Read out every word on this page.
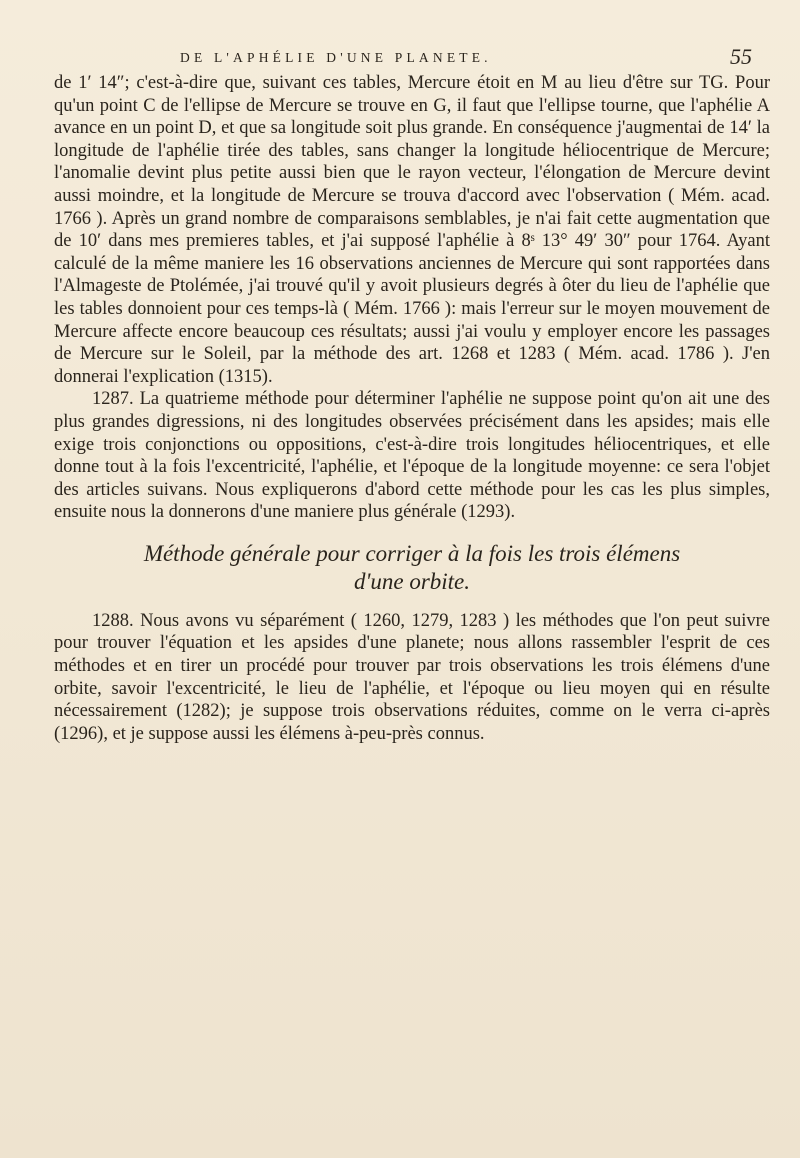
DE L'APHÉLIE D'UNE PLANETE.	55

de 1′ 14″; c'est-à-dire que, suivant ces tables, Mercure étoit en M au lieu d'être sur TG. Pour qu'un point C de l'ellipse de Mercure se trouve en G, il faut que l'ellipse tourne, que l'aphélie A avance en un point D, et que sa longitude soit plus grande. En conséquence j'augmentai de 14′ la longitude de l'aphélie tirée des tables, sans changer la longitude héliocentrique de Mercure; l'anomalie devint plus petite aussi bien que le rayon vecteur, l'élongation de Mercure devint aussi moindre, et la longitude de Mercure se trouva d'accord avec l'observation ( Mém. acad. 1766 ). Après un grand nombre de comparaisons semblables, je n'ai fait cette augmentation que de 10′ dans mes premieres tables, et j'ai supposé l'aphélie à 8ˢ 13° 49′ 30″ pour 1764. Ayant calculé de la même maniere les 16 observations anciennes de Mercure qui sont rapportées dans l'Almageste de Ptolémée, j'ai trouvé qu'il y avoit plusieurs degrés à ôter du lieu de l'aphélie que les tables donnoient pour ces temps-là ( Mém. 1766 ): mais l'erreur sur le moyen mouvement de Mercure affecte encore beaucoup ces résultats; aussi j'ai voulu y employer encore les passages de Mercure sur le Soleil, par la méthode des art. 1268 et 1283 ( Mém. acad. 1786 ). J'en donnerai l'explication (1315).

1287. La quatrieme méthode pour déterminer l'aphélie ne suppose point qu'on ait une des plus grandes digressions, ni des longitudes observées précisément dans les apsides; mais elle exige trois conjonctions ou oppositions, c'est-à-dire trois longitudes héliocentriques, et elle donne tout à la fois l'excentricité, l'aphélie, et l'époque de la longitude moyenne: ce sera l'objet des articles suivans. Nous expliquerons d'abord cette méthode pour les cas les plus simples, ensuite nous la donnerons d'une maniere plus générale (1293).

Méthode générale pour corriger à la fois les trois élémens
d'une orbite.

1288. Nous avons vu séparément ( 1260, 1279, 1283 ) les méthodes que l'on peut suivre pour trouver l'équation et les apsides d'une planete; nous allons rassembler l'esprit de ces méthodes et en tirer un procédé pour trouver par trois observations les trois élémens d'une orbite, savoir l'excentricité, le lieu de l'aphélie, et l'époque ou lieu moyen qui en résulte nécessairement (1282); je suppose trois observations réduites, comme on le verra ci-après (1296), et je suppose aussi les élémens à-peu-près connus.
